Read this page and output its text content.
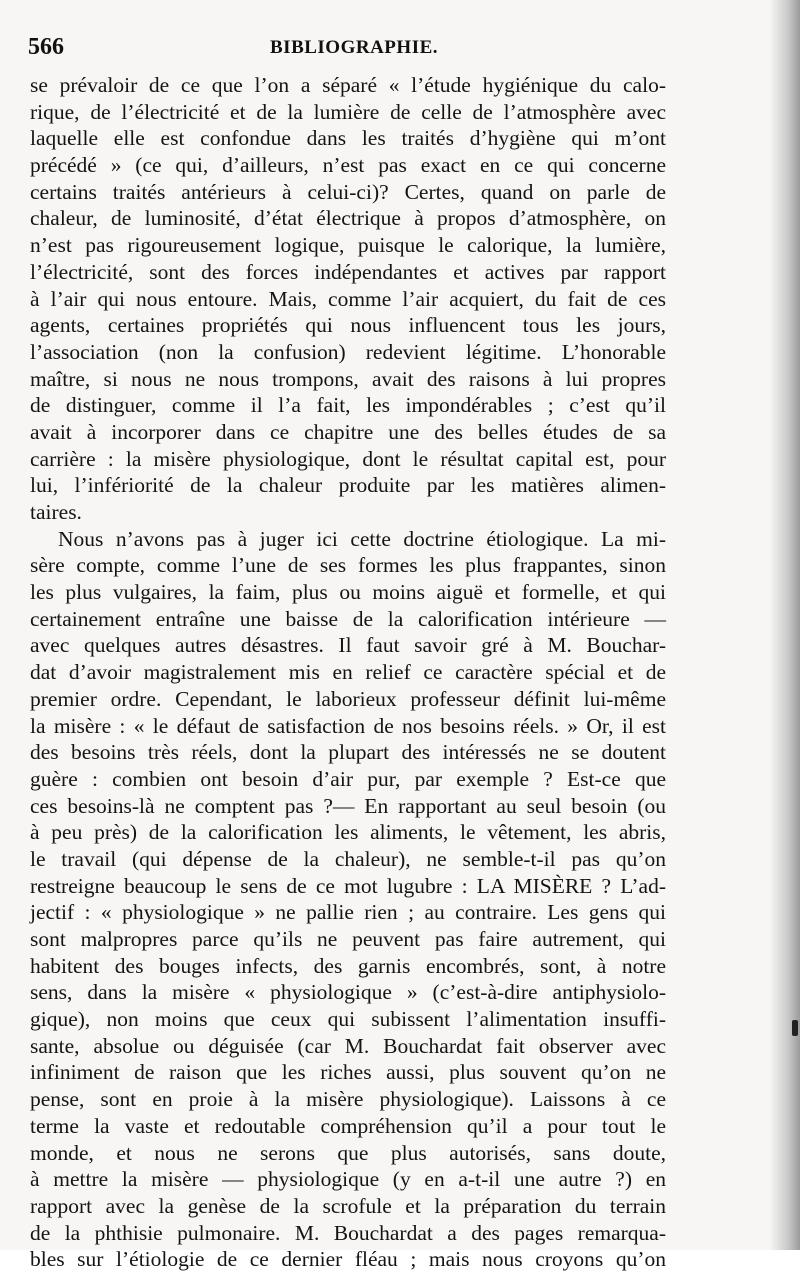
566	BIBLIOGRAPHIE.
se prévaloir de ce que l’on a séparé « l’étude hygiénique du calo-
rique, de l’électricité et de la lumière de celle de l’atmosphère avec
laquelle elle est confondue dans les traités d’hygiène qui m’ont
précédé » (ce qui, d’ailleurs, n’est pas exact en ce qui concerne
certains traités antérieurs à celui-ci)? Certes, quand on parle de
chaleur, de luminosité, d’état électrique à propos d’atmosphère, on
n’est pas rigoureusement logique, puisque le calorique, la lumière,
l’électricité, sont des forces indépendantes et actives par rapport
à l’air qui nous entoure. Mais, comme l’air acquiert, du fait de ces
agents, certaines propriétés qui nous influencent tous les jours,
l’association (non la confusion) redevient légitime. L’honorable
maître, si nous ne nous trompons, avait des raisons à lui propres
de distinguer, comme il l’a fait, les impondérables ; c’est qu’il
avait à incorporer dans ce chapitre une des belles études de sa
carrière : la misère physiologique, dont le résultat capital est, pour
lui, l’infériorité de la chaleur produite par les matières alimen-
taires.
Nous n’avons pas à juger ici cette doctrine étiologique. La mi-
sère compte, comme l’une de ses formes les plus frappantes, sinon
les plus vulgaires, la faim, plus ou moins aiguë et formelle, et qui
certainement entraîne une baisse de la calorification intérieure —
avec quelques autres désastres. Il faut savoir gré à M. Bouchar-
dat d’avoir magistralement mis en relief ce caractère spécial et de
premier ordre. Cependant, le laborieux professeur définit lui-même
la misère : « le défaut de satisfaction de nos besoins réels. » Or, il est
des besoins très réels, dont la plupart des intéressés ne se doutent
guère : combien ont besoin d’air pur, par exemple ? Est-ce que
ces besoins-là ne comptent pas ?— En rapportant au seul besoin (ou
à peu près) de la calorification les aliments, le vêtement, les abris,
le travail (qui dépense de la chaleur), ne semble-t-il pas qu’on
restreigne beaucoup le sens de ce mot lugubre : LA MISÈRE ? L’ad-
jectif : « physiologique » ne pallie rien ; au contraire. Les gens qui
sont malpropres parce qu’ils ne peuvent pas faire autrement, qui
habitent des bouges infects, des garnis encombrés, sont, à notre
sens, dans la misère « physiologique » (c’est-à-dire antiphysiolo-
gique), non moins que ceux qui subissent l’alimentation insuffi-
sante, absolue ou déguisée (car M. Bouchardat fait observer avec
infiniment de raison que les riches aussi, plus souvent qu’on ne
pense, sont en proie à la misère physiologique). Laissons à ce
terme la vaste et redoutable compréhension qu’il a pour tout le
monde, et nous ne serons que plus autorisés, sans doute,
à mettre la misère — physiologique (y en a-t-il une autre ?) en
rapport avec la genèse de la scrofule et la préparation du terrain
de la phthisie pulmonaire. M. Bouchardat a des pages remarqua-
bles sur l’étiologie de ce dernier fléau ; mais nous croyons qu’on
